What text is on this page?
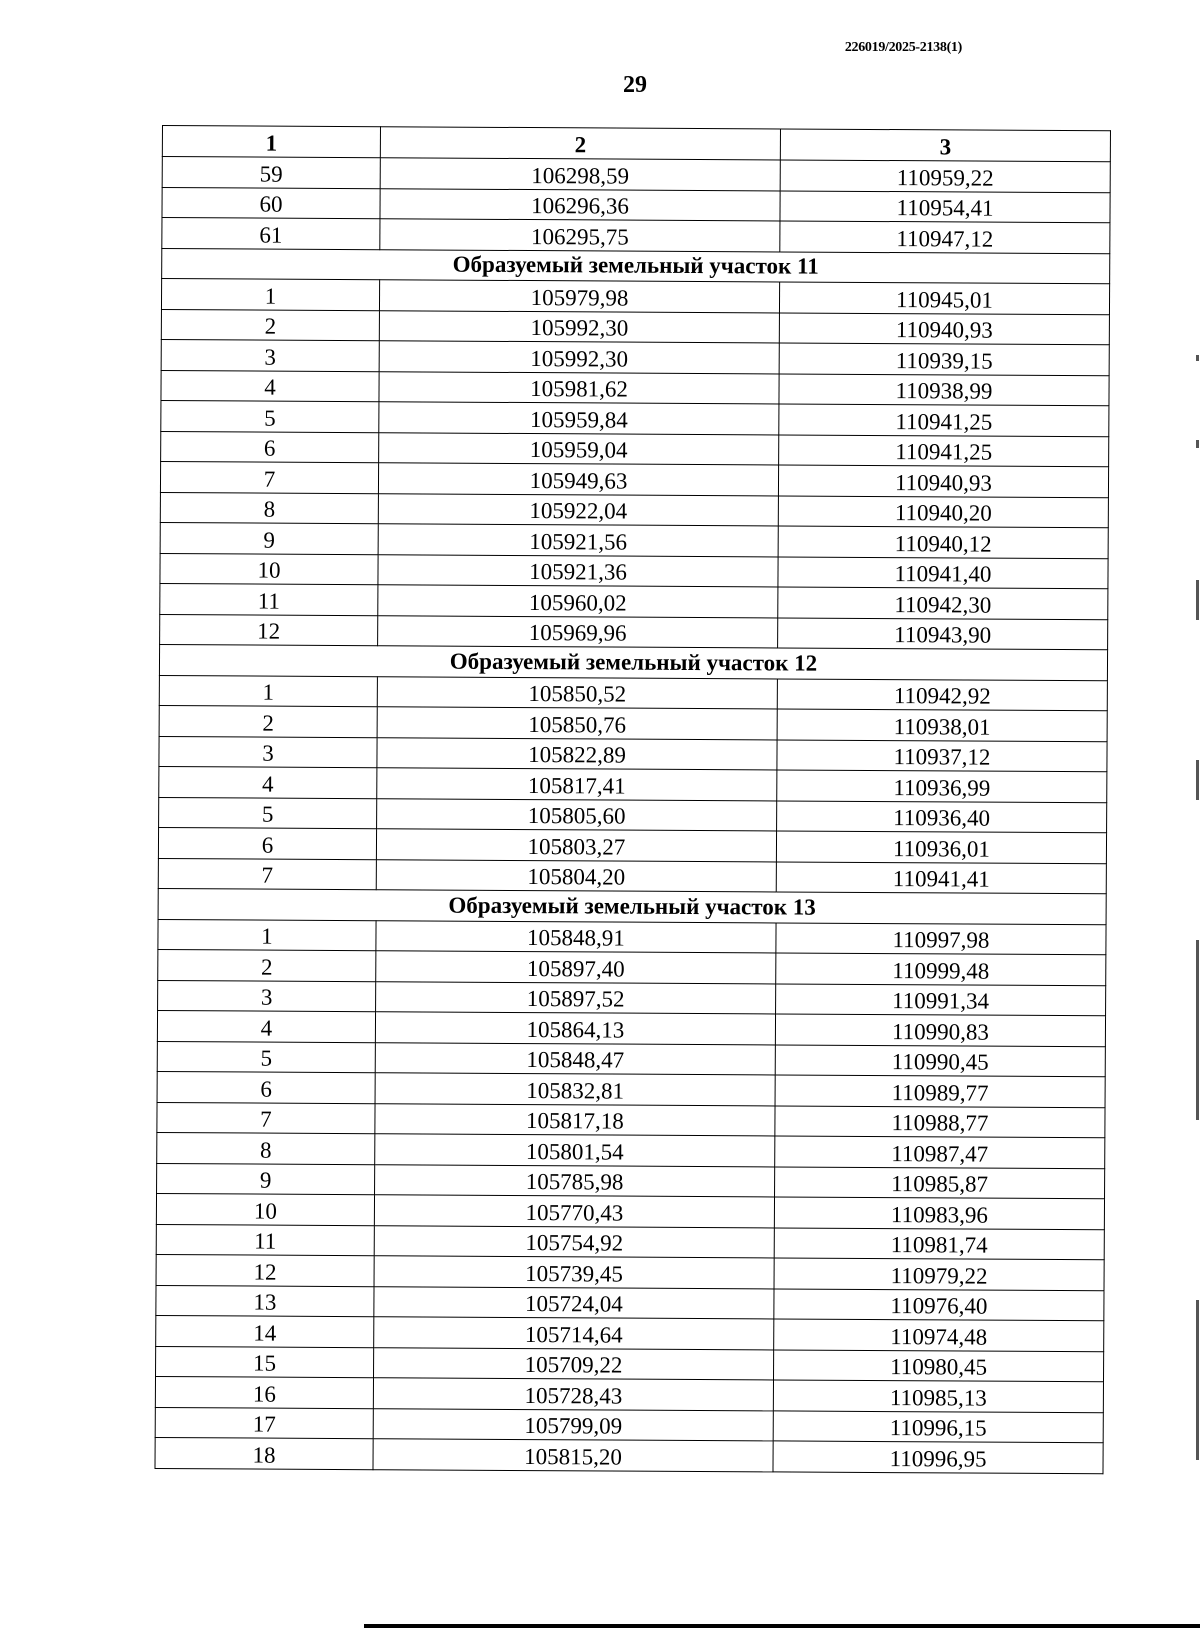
226019/2025-2138(1)
29
1	2	3
59	106298,59	110959,22
60	106296,36	110954,41
61	106295,75	110947,12
Образуемый земельный участок 11		
1	105979,98	110945,01
2	105992,30	110940,93
3	105992,30	110939,15
4	105981,62	110938,99
5	105959,84	110941,25
6	105959,04	110941,25
7	105949,63	110940,93
8	105922,04	110940,20
9	105921,56	110940,12
10	105921,36	110941,40
11	105960,02	110942,30
12	105969,96	110943,90
Образуемый земельный участок 12		
1	105850,52	110942,92
2	105850,76	110938,01
3	105822,89	110937,12
4	105817,41	110936,99
5	105805,60	110936,40
6	105803,27	110936,01
7	105804,20	110941,41
Образуемый земельный участок 13		
1	105848,91	110997,98
2	105897,40	110999,48
3	105897,52	110991,34
4	105864,13	110990,83
5	105848,47	110990,45
6	105832,81	110989,77
7	105817,18	110988,77
8	105801,54	110987,47
9	105785,98	110985,87
10	105770,43	110983,96
11	105754,92	110981,74
12	105739,45	110979,22
13	105724,04	110976,40
14	105714,64	110974,48
15	105709,22	110980,45
16	105728,43	110985,13
17	105799,09	110996,15
18	105815,20	110996,95
